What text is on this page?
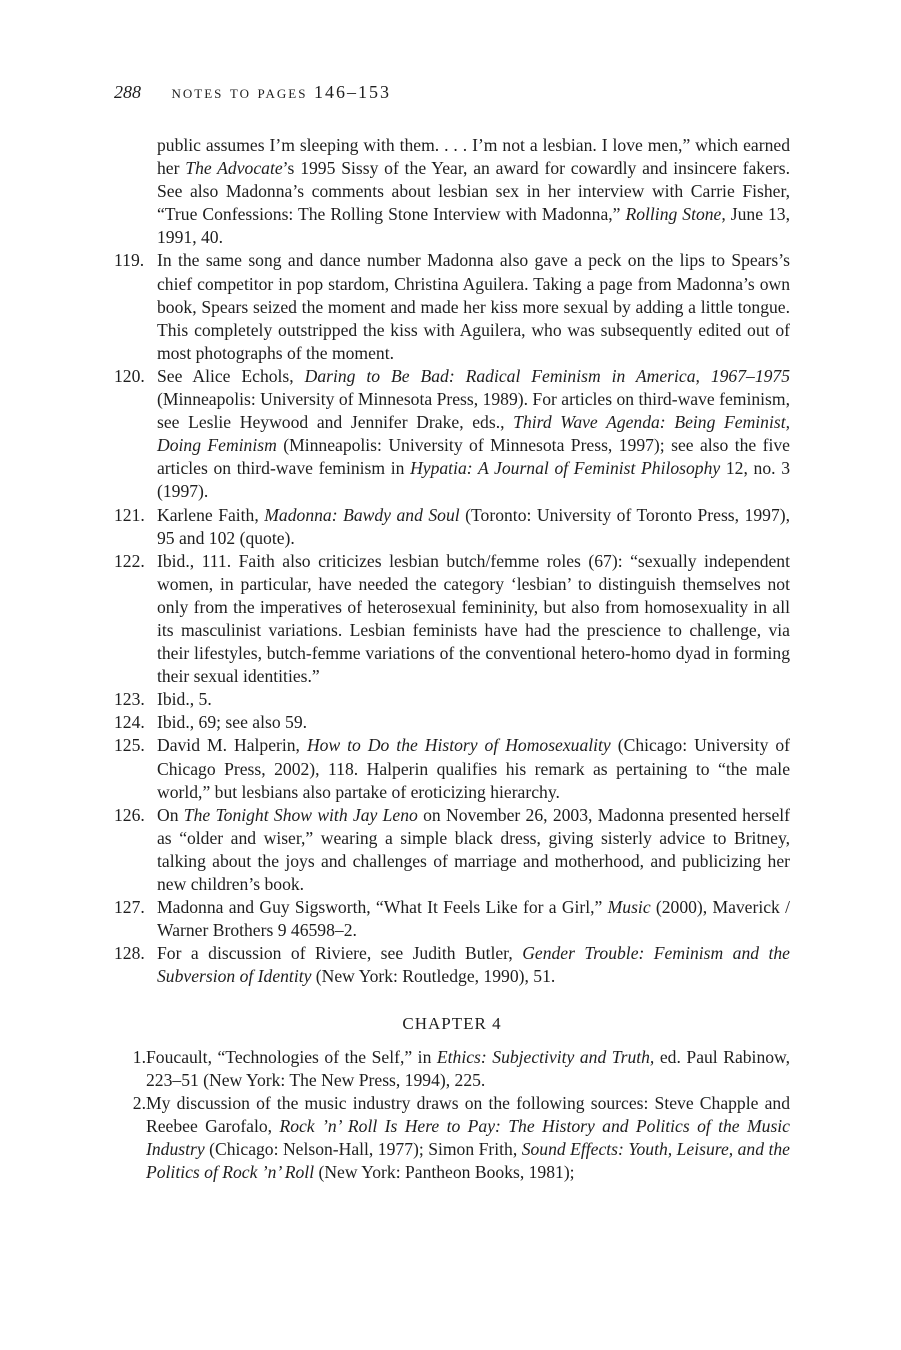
288 notes to pages 146–153
public assumes I’m sleeping with them. . . . I’m not a lesbian. I love men,” which earned her The Advocate’s 1995 Sissy of the Year, an award for cowardly and insincere fakers. See also Madonna’s comments about lesbian sex in her interview with Carrie Fisher, “True Confessions: The Rolling Stone Interview with Madonna,” Rolling Stone, June 13, 1991, 40.
119. In the same song and dance number Madonna also gave a peck on the lips to Spears’s chief competitor in pop stardom, Christina Aguilera. Taking a page from Madonna’s own book, Spears seized the moment and made her kiss more sexual by adding a little tongue. This completely outstripped the kiss with Aguilera, who was subsequently edited out of most photographs of the moment.
120. See Alice Echols, Daring to Be Bad: Radical Feminism in America, 1967–1975 (Minneapolis: University of Minnesota Press, 1989). For articles on third-wave feminism, see Leslie Heywood and Jennifer Drake, eds., Third Wave Agenda: Being Feminist, Doing Feminism (Minneapolis: University of Minnesota Press, 1997); see also the five articles on third-wave feminism in Hypatia: A Journal of Feminist Philosophy 12, no. 3 (1997).
121. Karlene Faith, Madonna: Bawdy and Soul (Toronto: University of Toronto Press, 1997), 95 and 102 (quote).
122. Ibid., 111. Faith also criticizes lesbian butch/femme roles (67): “sexually independent women, in particular, have needed the category ‘lesbian’ to distinguish themselves not only from the imperatives of heterosexual femininity, but also from homosexuality in all its masculinist variations. Lesbian feminists have had the prescience to challenge, via their lifestyles, butch-femme variations of the conventional hetero-homo dyad in forming their sexual identities.”
123. Ibid., 5.
124. Ibid., 69; see also 59.
125. David M. Halperin, How to Do the History of Homosexuality (Chicago: University of Chicago Press, 2002), 118. Halperin qualifies his remark as pertaining to “the male world,” but lesbians also partake of eroticizing hierarchy.
126. On The Tonight Show with Jay Leno on November 26, 2003, Madonna presented herself as “older and wiser,” wearing a simple black dress, giving sisterly advice to Britney, talking about the joys and challenges of marriage and motherhood, and publicizing her new children’s book.
127. Madonna and Guy Sigsworth, “What It Feels Like for a Girl,” Music (2000), Maverick / Warner Brothers 9 46598–2.
128. For a discussion of Riviere, see Judith Butler, Gender Trouble: Feminism and the Subversion of Identity (New York: Routledge, 1990), 51.
CHAPTER 4
1. Foucault, “Technologies of the Self,” in Ethics: Subjectivity and Truth, ed. Paul Rabinow, 223–51 (New York: The New Press, 1994), 225.
2. My discussion of the music industry draws on the following sources: Steve Chapple and Reebee Garofalo, Rock ’n’ Roll Is Here to Pay: The History and Politics of the Music Industry (Chicago: Nelson-Hall, 1977); Simon Frith, Sound Effects: Youth, Leisure, and the Politics of Rock ’n’ Roll (New York: Pantheon Books, 1981);
